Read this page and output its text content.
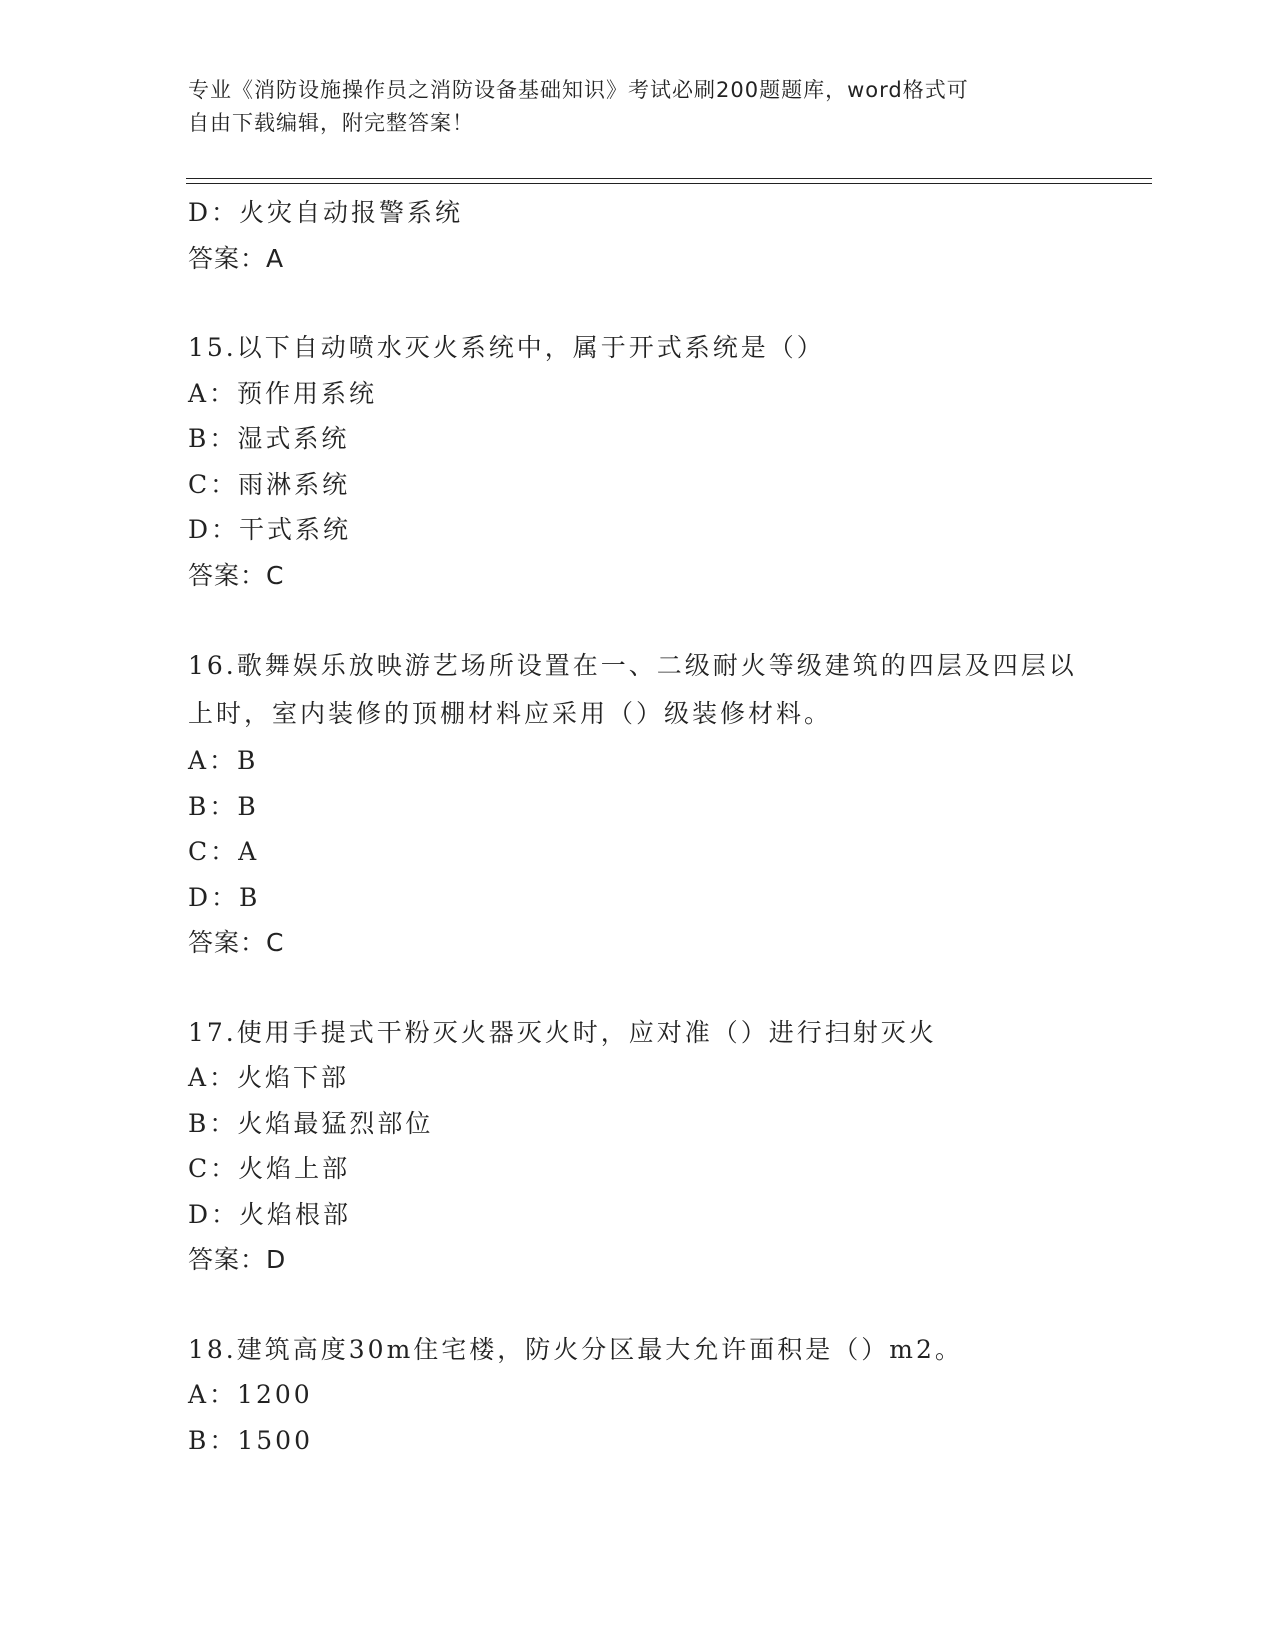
专业《消防设施操作员之消防设备基础知识》考试必刷200题题库，word格式可
自由下载编辑，附完整答案！
D：火灾自动报警系统
答案：A
15.以下自动喷水灭火系统中，属于开式系统是（）
A：预作用系统
B：湿式系统
C：雨淋系统
D：干式系统
答案：C
16.歌舞娱乐放映游艺场所设置在一、二级耐火等级建筑的四层及四层以上时，室内装修的顶棚材料应采用（）级装修材料。
A：B
B：B
C：A
D：B
答案：C
17.使用手提式干粉灭火器灭火时，应对准（）进行扫射灭火
A：火焰下部
B：火焰最猛烈部位
C：火焰上部
D：火焰根部
答案：D
18.建筑高度30m住宅楼，防火分区最大允许面积是（）m2。
A：1200
B：1500
